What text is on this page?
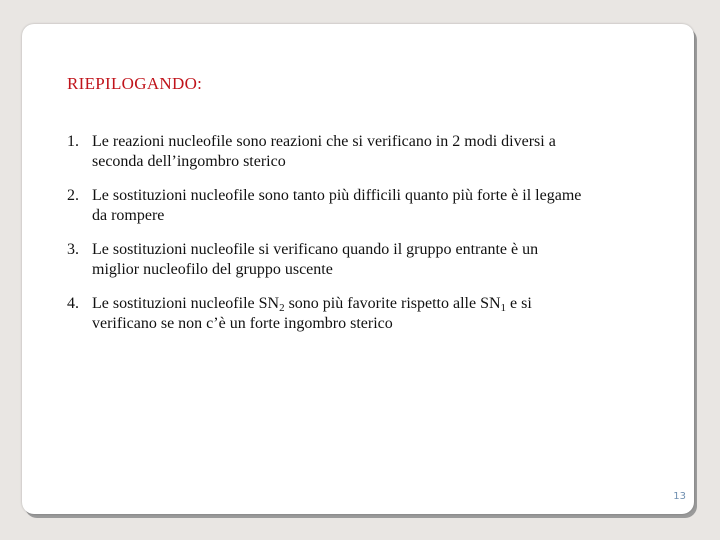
RIEPILOGANDO:
1. Le reazioni nucleofile sono reazioni che si verificano in 2 modi diversi a seconda dell’ingombro sterico
2. Le sostituzioni nucleofile sono tanto più difficili quanto più forte è il legame da rompere
3. Le sostituzioni nucleofile si verificano quando il gruppo entrante è un miglior nucleofilo del gruppo uscente
4. Le sostituzioni nucleofile $SN_2$ sono più favorite rispetto alle $SN_1$ e si verificano se non c’è un forte ingombro sterico
13
